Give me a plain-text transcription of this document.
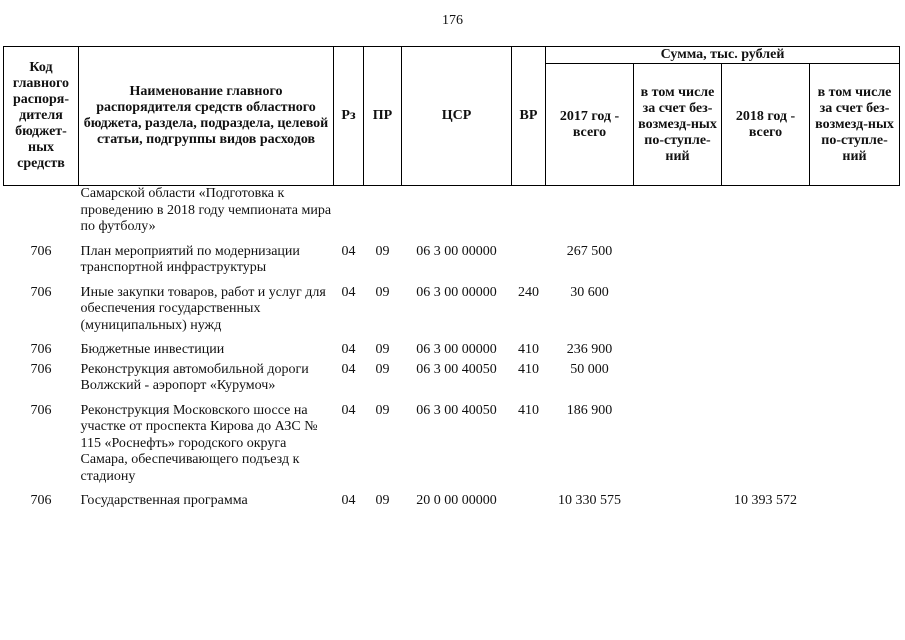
176
Код главного распоря-дителя бюджет-ных средств	Наименование главного распорядителя средств областного бюджета, раздела, подраздела, целевой статьи, подгруппы видов расходов	Рз	ПР	ЦСР	ВР	Сумма, тыс. рублей			
						2017 год - всего	в том числе за счет без-возмезд-ных по-ступле-ний	2018 год - всего	в том числе за счет без-возмезд-ных по-ступле-ний
	Самарской области «Подготовка к проведению в 2018 году чемпионата мира по футболу»								
706	План мероприятий по модернизации транспортной инфраструктуры	04	09	06 3 00 00000		267 500			
706	Иные закупки товаров, работ и услуг для обеспечения государственных (муниципальных) нужд	04	09	06 3 00 00000	240	30 600			
706	Бюджетные инвестиции	04	09	06 3 00 00000	410	236 900			
706	Реконструкция автомобильной дороги Волжский - аэропорт «Курумоч»	04	09	06 3 00 40050	410	50 000			
706	Реконструкция Московского шоссе на участке от проспекта Кирова до АЗС № 115 «Роснефть» городского округа Самара, обеспечивающего подъезд к стадиону	04	09	06 3 00 40050	410	186 900			
706	Государственная программа	04	09	20 0 00 00000		10 330 575		10 393 572	
